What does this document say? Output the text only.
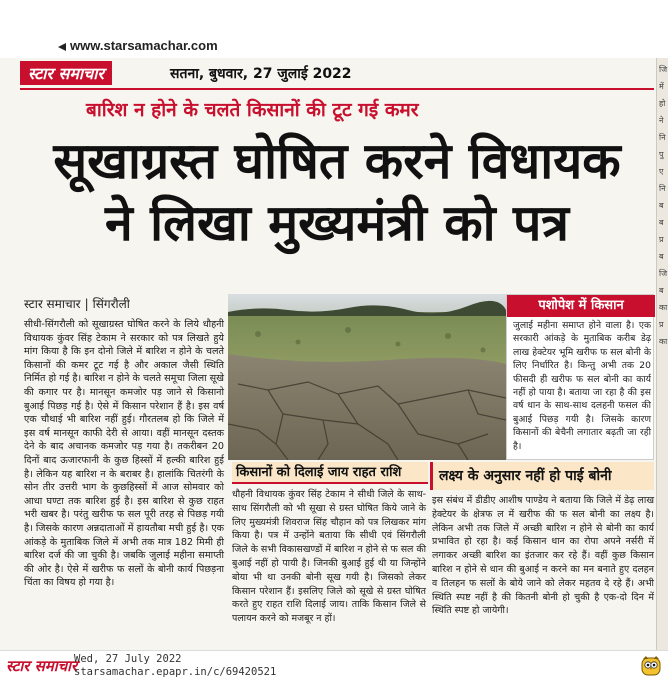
www.starsamachar.com
स्टार समाचार	सतना, बुधवार, 27 जुलाई 2022
बारिश न होने के चलते किसानों की टूट गई कमर
सूखाग्रस्त घोषित करने विधायक
ने लिखा मुख्यमंत्री को पत्र
स्टार समाचार | सिंगरौली
सीधी-सिंगरौली को सूखाग्रस्त घोषित करने के लिये धौहनी विधायक कुंवर सिंह टेकाम ने सरकार को पत्र लिखते हुये मांग किया है कि इन दोनो जिले में बारिश न होने के चलते किसानों की कमर टूट गई है और अकाल जैसी स्थिति निर्मित हो गई है। बारिश न होने के चलते समूचा जिला सूखे की कगार पर है। मानसून कमजोर पड़ जाने से किसानो बुआई पिछड़ गई है। ऐसे में किसान परेशान हैं है। इस वर्ष एक चौथाई भी बारिश नहीं हुई। गौरतलब हो कि जिले में इस वर्ष मानसून काफी देरी से आया। वहीं मानसून दस्तक देने के बाद अचानक कमजोर पड़ गया है। तकरीबन 20 दिनों बाद ऊजारफानी के कुछ हिस्सों में हल्की बारिश हुई है। लेकिन यह बारिश न के बराबर है। हालांकि चितरंगी के सोन तीर उत्तरी भाग के कुछहिस्सों में आज सोमवार को आधा घण्टा तक बारिश हुई है। इस बारिश से कुछ राहत भरी खबर है। परंतु खरीफ फ सल पूरी तरह से पिछड़ गयी है। जिसके कारण अन्नदाताओं में हायतौबा मची हुई है। एक आंकड़े के मुताबिक जिले में अभी तक मात्र 182 मिमी ही बारिश दर्ज की जा चुकी है। जबकि जुलाई महीना समाप्ती की ओर है। ऐसे में खरीफ फ सलों के बोनी कार्य पिछड़ना चिंता का विषय हो गया है।
पशोपेश में किसान
जुलाई महीना समाप्त होने वाला है। एक सरकारी आंकड़े के मुताबिक करीब डेढ़ लाख हेक्टेयर भूमि खरीफ फ सल बोनी के लिए निर्धारित है। किन्तु अभी तक 20 फीसदी ही खरीफ फ सल बोनी का कार्य नहीं हो पाया है। बताया जा रहा है की इस वर्ष धान के साथ-साथ दलहनी फसल की बुआई पिछड़ गयी है। जिसके कारण किसानों की बेचैनी लगातार बढ़ती जा रही है।
किसानों को दिलाई जाय राहत राशि
धौहनी विधायक कुंवर सिंह टेकाम ने सीधी जिले के साथ-साथ सिंगरौली को भी सूखा से ग्रस्त घोषित किये जाने के लिए मुख्यमंत्री शिवराज सिंह चौहान को पत्र लिखकर मांग किया है। पत्र में उन्होंने बताया कि सीधी एवं सिंगरौली जिले के सभी विकासखण्डों में बारिश न होने से फ सल की बुआई नहीं हो पायी है। जिनकी बुआई हुई थी या जिन्होंने बोया भी था उनकी बोनी सूख गयी है। जिसको लेकर किसान परेशान हैं। इसलिए जिले को सूखे से ग्रस्त घोषित करते हुए राहत राशि दिलाई जाय। ताकि किसान जिले से पलायन करने को मजबूर न हों।
लक्ष्य के अनुसार नहीं हो पाई बोनी
इस संबंध में डीडीए आशीष पाण्डेय ने बताया कि जिले में डेढ़ लाख हेक्टेयर के क्षेत्रफ ल में खरीफ की फ सल बोनी का लक्ष्य है। लेकिन अभी तक जिले में अच्छी बारिश न होने से बोनी का कार्य प्रभावित हो रहा है। कई किसान धान का रोपा अपने नर्सरी में लगाकर अच्छी बारिश का इंतजार कर रहे हैं। वहीं कुछ किसान बारिश न होने से धान की बुआई न करने का मन बनाते हुए दलहन व तिलहन फ सलों के बोये जाने को लेकर महतव दे रहे हैं। अभी स्थिति स्पष्ट नहीं है की कितनी बोनी हो चुकी है एक-दो दिन में स्थिति स्पष्ट हो जायेगी।
जि
में
हो
ने
नि
पु
ए
नि
ब
ब
प्र
ब
जि
ब
का
प्र
का
स्टार समाचार
Wed, 27 July 2022
starsamachar.epapr.in/c/69420521
